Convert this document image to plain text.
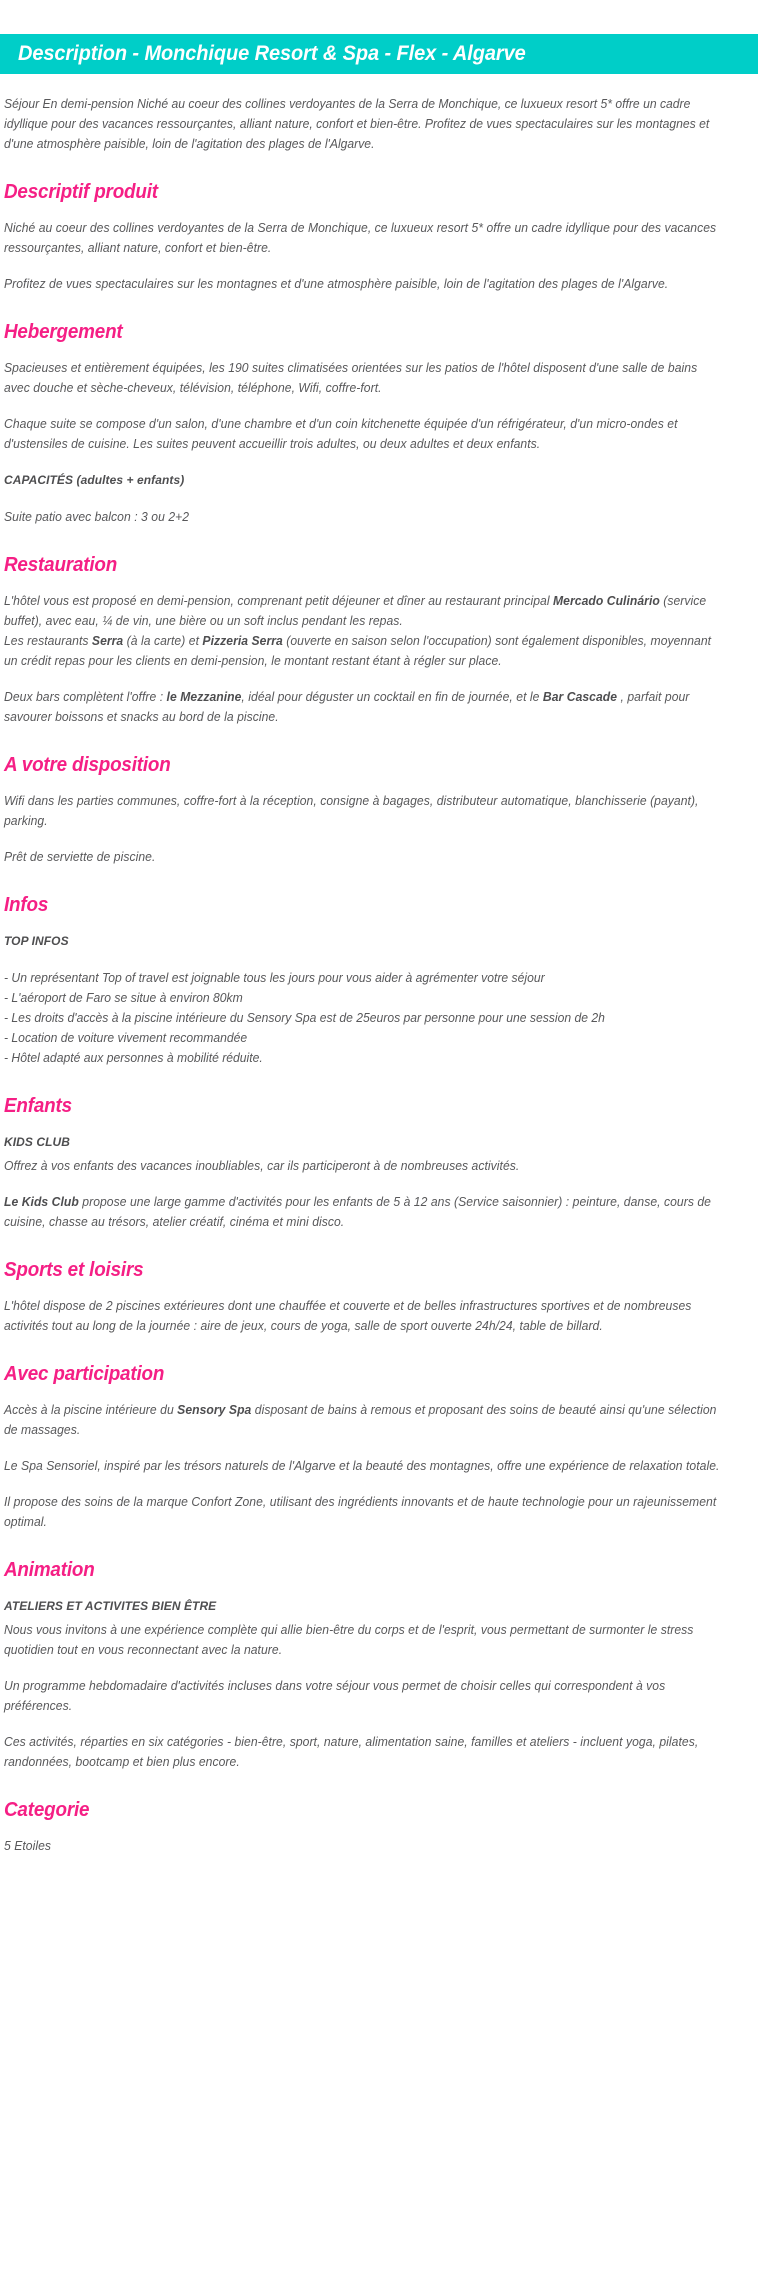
Description - Monchique Resort & Spa - Flex - Algarve

Séjour En demi-pension Niché au coeur des collines verdoyantes de la Serra de Monchique, ce luxueux resort 5* offre un cadre idyllique pour des vacances ressourçantes, alliant nature, confort et bien-être. Profitez de vues spectaculaires sur les montagnes et d'une atmosphère paisible, loin de l'agitation des plages de l'Algarve.

Descriptif produit

Niché au coeur des collines verdoyantes de la Serra de Monchique, ce luxueux resort 5* offre un cadre idyllique pour des vacances ressourçantes, alliant nature, confort et bien-être.

Profitez de vues spectaculaires sur les montagnes et d'une atmosphère paisible, loin de l'agitation des plages de l'Algarve.

Hebergement

Spacieuses et entièrement équipées, les 190 suites climatisées orientées sur les patios de l'hôtel disposent d'une salle de bains avec douche et sèche-cheveux, télévision, téléphone, Wifi, coffre-fort.

Chaque suite se compose d'un salon, d'une chambre et d'un coin kitchenette équipée d'un réfrigérateur, d'un micro-ondes et d'ustensiles de cuisine. Les suites peuvent accueillir trois adultes, ou deux adultes et deux enfants.

CAPACITÉS (adultes + enfants)

Suite patio avec balcon : 3 ou 2+2

Restauration

L'hôtel vous est proposé en demi-pension, comprenant petit déjeuner et dîner au restaurant principal Mercado Culinário (service buffet), avec eau, ¼ de vin, une bière ou un soft inclus pendant les repas.

Les restaurants Serra (à la carte) et Pizzeria Serra (ouverte en saison selon l'occupation) sont également disponibles, moyennant un crédit repas pour les clients en demi-pension, le montant restant étant à régler sur place.

Deux bars complètent l'offre : le Mezzanine, idéal pour déguster un cocktail en fin de journée, et le Bar Cascade , parfait pour savourer boissons et snacks au bord de la piscine.

A votre disposition

Wifi dans les parties communes, coffre-fort à la réception, consigne à bagages, distributeur automatique, blanchisserie (payant), parking.

Prêt de serviette de piscine.

Infos

TOP INFOS

- Un représentant Top of travel est joignable tous les jours pour vous aider à agrémenter votre séjour
- L'aéroport de Faro se situe à environ 80km
- Les droits d'accès à la piscine intérieure du Sensory Spa est de 25euros par personne pour une session de 2h
- Location de voiture vivement recommandée
- Hôtel adapté aux personnes à mobilité réduite.
Enfants

KIDS CLUB

Offrez à vos enfants des vacances inoubliables, car ils participeront à de nombreuses activités.

Le Kids Club propose une large gamme d'activités pour les enfants de 5 à 12 ans (Service saisonnier) : peinture, danse, cours de cuisine, chasse au trésors, atelier créatif, cinéma et mini disco.

Sports et loisirs

L'hôtel dispose de 2 piscines extérieures dont une chauffée et couverte et de belles infrastructures sportives et de nombreuses activités tout au long de la journée : aire de jeux, cours de yoga, salle de sport ouverte 24h/24, table de billard.

Avec participation

Accès à la piscine intérieure du Sensory Spa disposant de bains à remous et proposant des soins de beauté ainsi qu'une sélection de massages.

Le Spa Sensoriel, inspiré par les trésors naturels de l'Algarve et la beauté des montagnes, offre une expérience de relaxation totale.

Il propose des soins de la marque Confort Zone, utilisant des ingrédients innovants et de haute technologie pour un rajeunissement optimal.

Animation

ATELIERS ET ACTIVITES BIEN ÊTRE

Nous vous invitons à une expérience complète qui allie bien-être du corps et de l'esprit, vous permettant de surmonter le stress quotidien tout en vous reconnectant avec la nature.

Un programme hebdomadaire d'activités incluses dans votre séjour vous permet de choisir celles qui correspondent à vos préférences.

Ces activités, réparties en six catégories - bien-être, sport, nature, alimentation saine, familles et ateliers - incluent yoga, pilates, randonnées, bootcamp et bien plus encore.

Categorie

5 Etoiles
